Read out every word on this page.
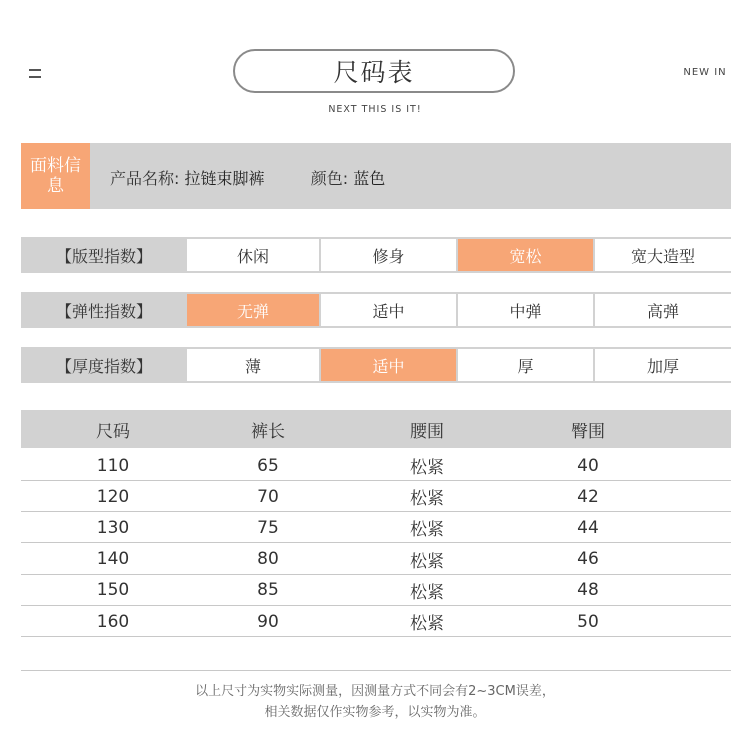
尺码表	NEW IN
NEXT THIS IS IT!
面料信息	产品名称: 拉链束脚裤	颜色: 蓝色
【版型指数】	休闲	修身	宽松	宽大造型
【弹性指数】	无弹	适中	中弹	高弹
【厚度指数】	薄	适中	厚	加厚
尺码	裤长	腰围	臀围
110	65	松紧	40
120	70	松紧	42
130	75	松紧	44
140	80	松紧	46
150	85	松紧	48
160	90	松紧	50
以上尺寸为实物实际测量，因测量方式不同会有2~3CM误差，
相关数据仅作实物参考，以实物为准。
